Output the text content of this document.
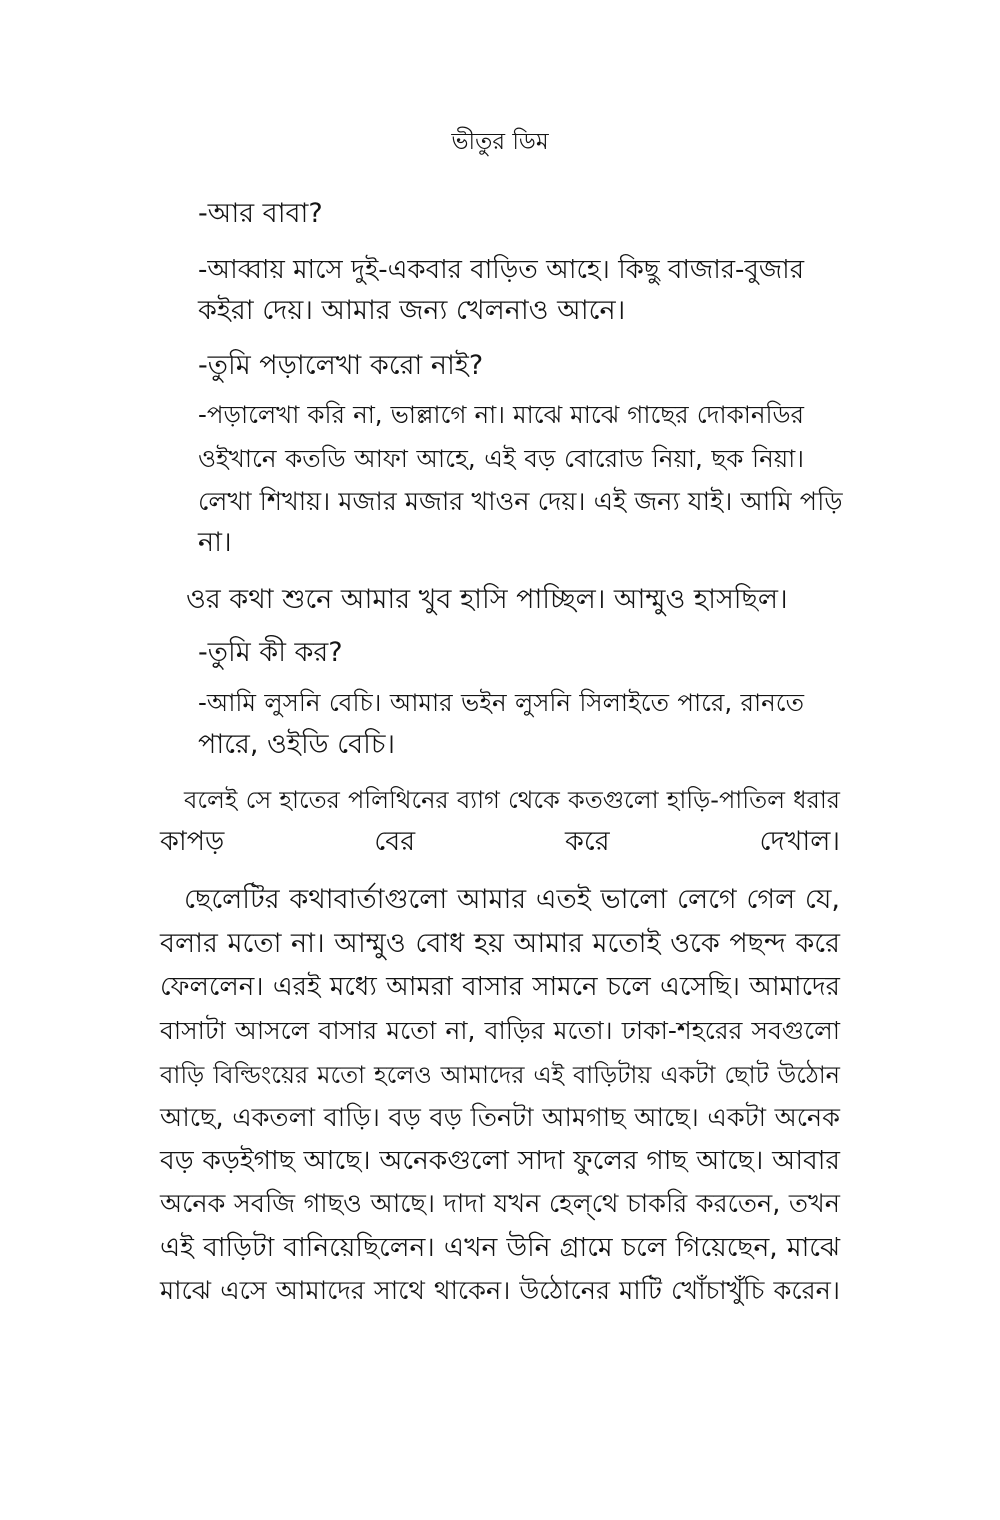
ভীতুর ডিম
-আর বাবা?
-আব্বায় মাসে দুই-একবার বাড়িত আহে। কিছু বাজার-বুজার
কইরা দেয়। আমার জন্য খেলনাও আনে।
-তুমি পড়ালেখা করো নাই?
-পড়ালেখা করি না, ভাল্লাগে না। মাঝে মাঝে গাছের দোকানডির
ওইখানে কতডি আফা আহে, এই বড় বোরোড নিয়া, ছক নিয়া।
লেখা শিখায়। মজার মজার খাওন দেয়। এই জন্য যাই। আমি পড়ি
না।
ওর কথা শুনে আমার খুব হাসি পাচ্ছিল। আম্মুও হাসছিল।
-তুমি কী কর?
-আমি লুসনি বেচি। আমার ভইন লুসনি সিলাইতে পারে, রানতে
পারে, ওইডি বেচি।
বলেই সে হাতের পলিথিনের ব্যাগ থেকে কতগুলো হাড়ি-পাতিল ধরার
কাপড় বের করে দেখাল।
ছেলেটির কথাবার্তাগুলো আমার এতই ভালো লেগে গেল যে,
বলার মতো না। আম্মুও বোধ হয় আমার মতোই ওকে পছন্দ করে
ফেললেন। এরই মধ্যে আমরা বাসার সামনে চলে এসেছি। আমাদের
বাসাটা আসলে বাসার মতো না, বাড়ির মতো। ঢাকা-শহরের সবগুলো
বাড়ি বিল্ডিংয়ের মতো হলেও আমাদের এই বাড়িটায় একটা ছোট উঠোন
আছে, একতলা বাড়ি। বড় বড় তিনটা আমগাছ আছে। একটা অনেক
বড় কড়ইগাছ আছে। অনেকগুলো সাদা ফুলের গাছ আছে। আবার
অনেক সবজি গাছও আছে। দাদা যখন হেল্‌থে চাকরি করতেন, তখন
এই বাড়িটা বানিয়েছিলেন। এখন উনি গ্রামে চলে গিয়েছেন, মাঝে
মাঝে এসে আমাদের সাথে থাকেন। উঠোনের মাটি খোঁচাখুঁচি করেন।
